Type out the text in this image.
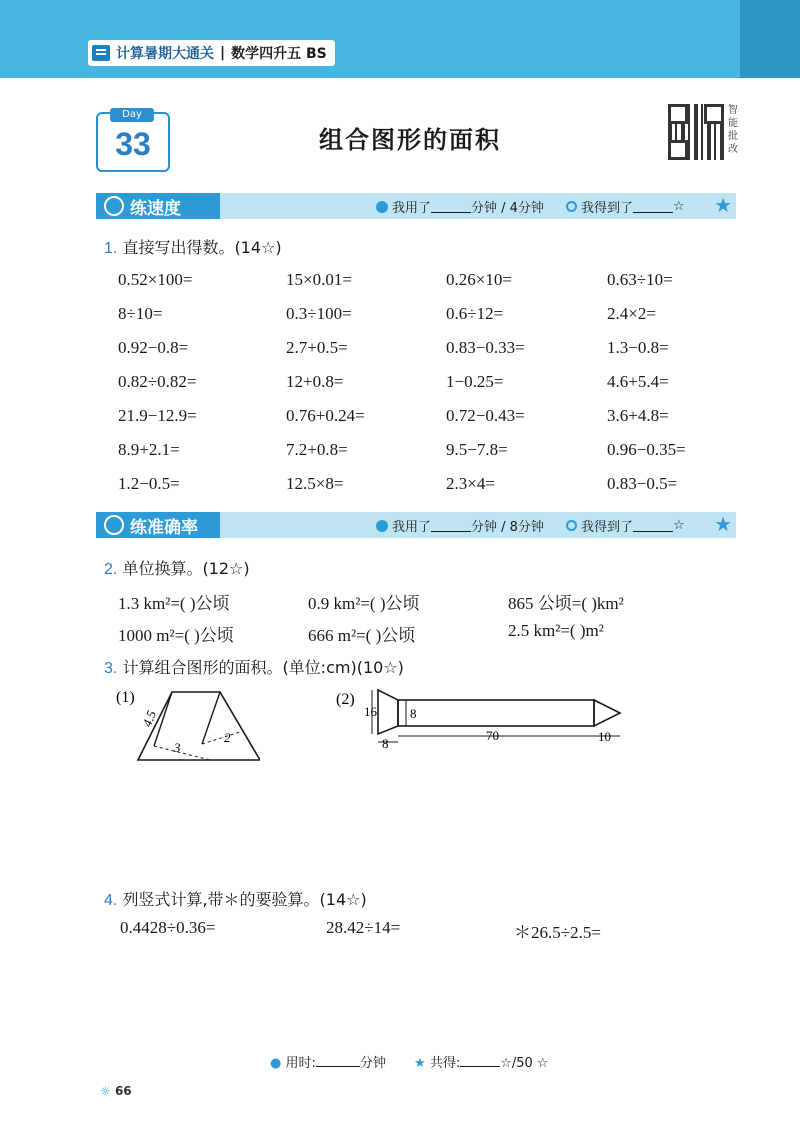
计算暑期大通关 | 数学四升五 BS
Day
33	组合图形的面积
智
能
批
改
练速度	我用了	分钟 / 4分钟	我得到了	☆ ★
1. 直接写出得数。(14☆)
0.52×100=	15×0.01=	0.26×10=	0.63÷10=
8÷10=	0.3÷100=	0.6÷12=	2.4×2=
0.92−0.8=	2.7+0.5=	0.83−0.33=	1.3−0.8=
0.82÷0.82=	12+0.8=	1−0.25=	4.6+5.4=
21.9−12.9=	0.76+0.24=	0.72−0.43=	3.6+4.8=
8.9+2.1=	7.2+0.8=	9.5−7.8=	0.96−0.35=
1.2−0.5=	12.5×8=	2.3×4=	0.83−0.5=
练准确率	我用了	分钟 / 8分钟	我得到了	☆ ★
2. 单位换算。(12☆)
1.3 km²=( )公顷	0.9 km²=( )公顷	865 公顷=( )km²
1000 m²=( )公顷	666 m²=( )公顷	2.5 km²=( )m²
3. 计算组合图形的面积。(单位:cm)(10☆)
(1)
4.5
3
2
(2)
16	8
8
70	10
4. 列竖式计算,带＊的要验算。(14☆)
0.4428÷0.36=	28.42÷14=	＊26.5÷2.5=
● 用时:	分钟 ★ 共得:	☆/50 ☆
☼ 66
